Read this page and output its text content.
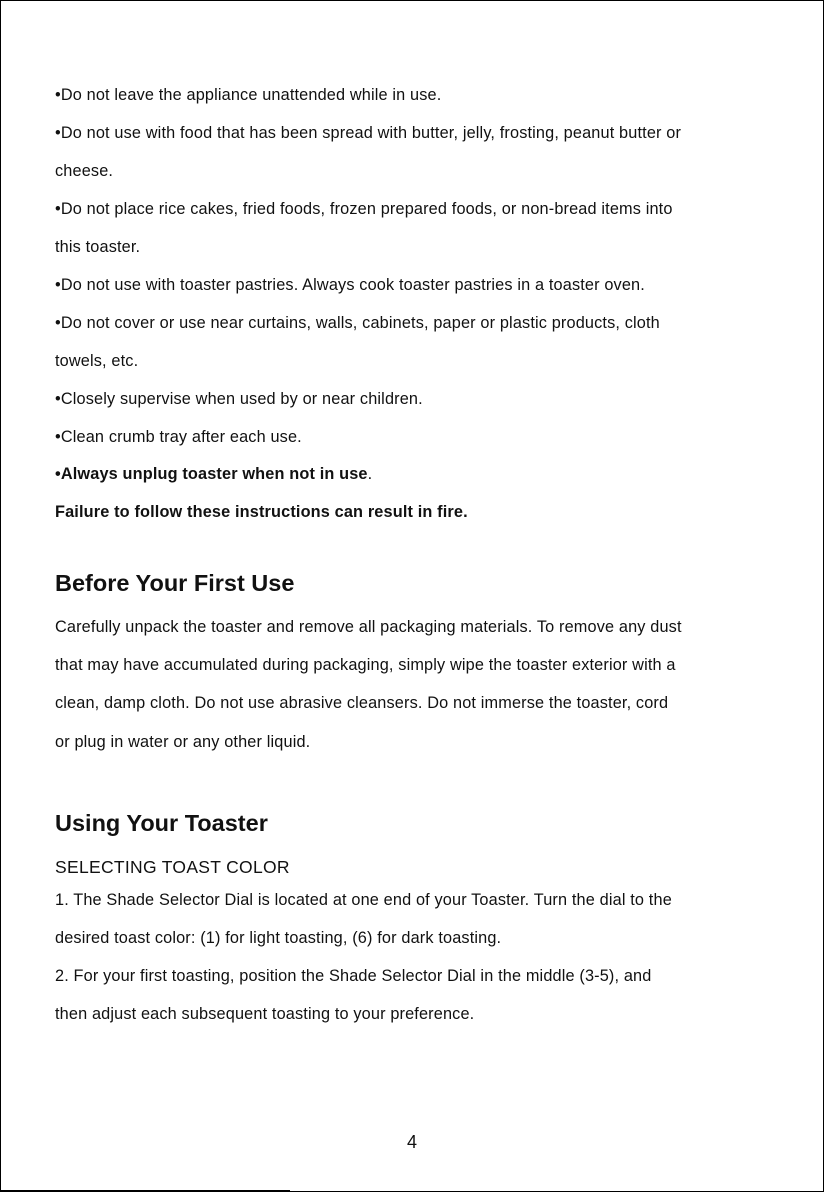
•Do not leave the appliance unattended while in use.
•Do not use with food that has been spread with butter, jelly, frosting, peanut butter or
cheese.
•Do not place rice cakes, fried foods, frozen prepared foods, or non-bread items into
this toaster.
•Do not use with toaster pastries. Always cook toaster pastries in a toaster oven.
•Do not cover or use near curtains, walls, cabinets, paper or plastic products, cloth
towels, etc.
•Closely supervise when used by or near children.
•Clean crumb tray after each use.
•Always unplug toaster when not in use.
Failure to follow these instructions can result in fire.
Before Your First Use
Carefully unpack the toaster and remove all packaging materials. To remove any dust
that may have accumulated during packaging, simply wipe the toaster exterior with a
clean, damp cloth. Do not use abrasive cleansers. Do not immerse the toaster, cord
or plug in water or any other liquid.
Using Your Toaster
SELECTING TOAST COLOR
1. The Shade Selector Dial is located at one end of your Toaster. Turn the dial to the
desired toast color: (1) for light toasting, (6) for dark toasting.
2. For your first toasting, position the Shade Selector Dial in the middle (3-5), and
then adjust each subsequent toasting to your preference.
4
